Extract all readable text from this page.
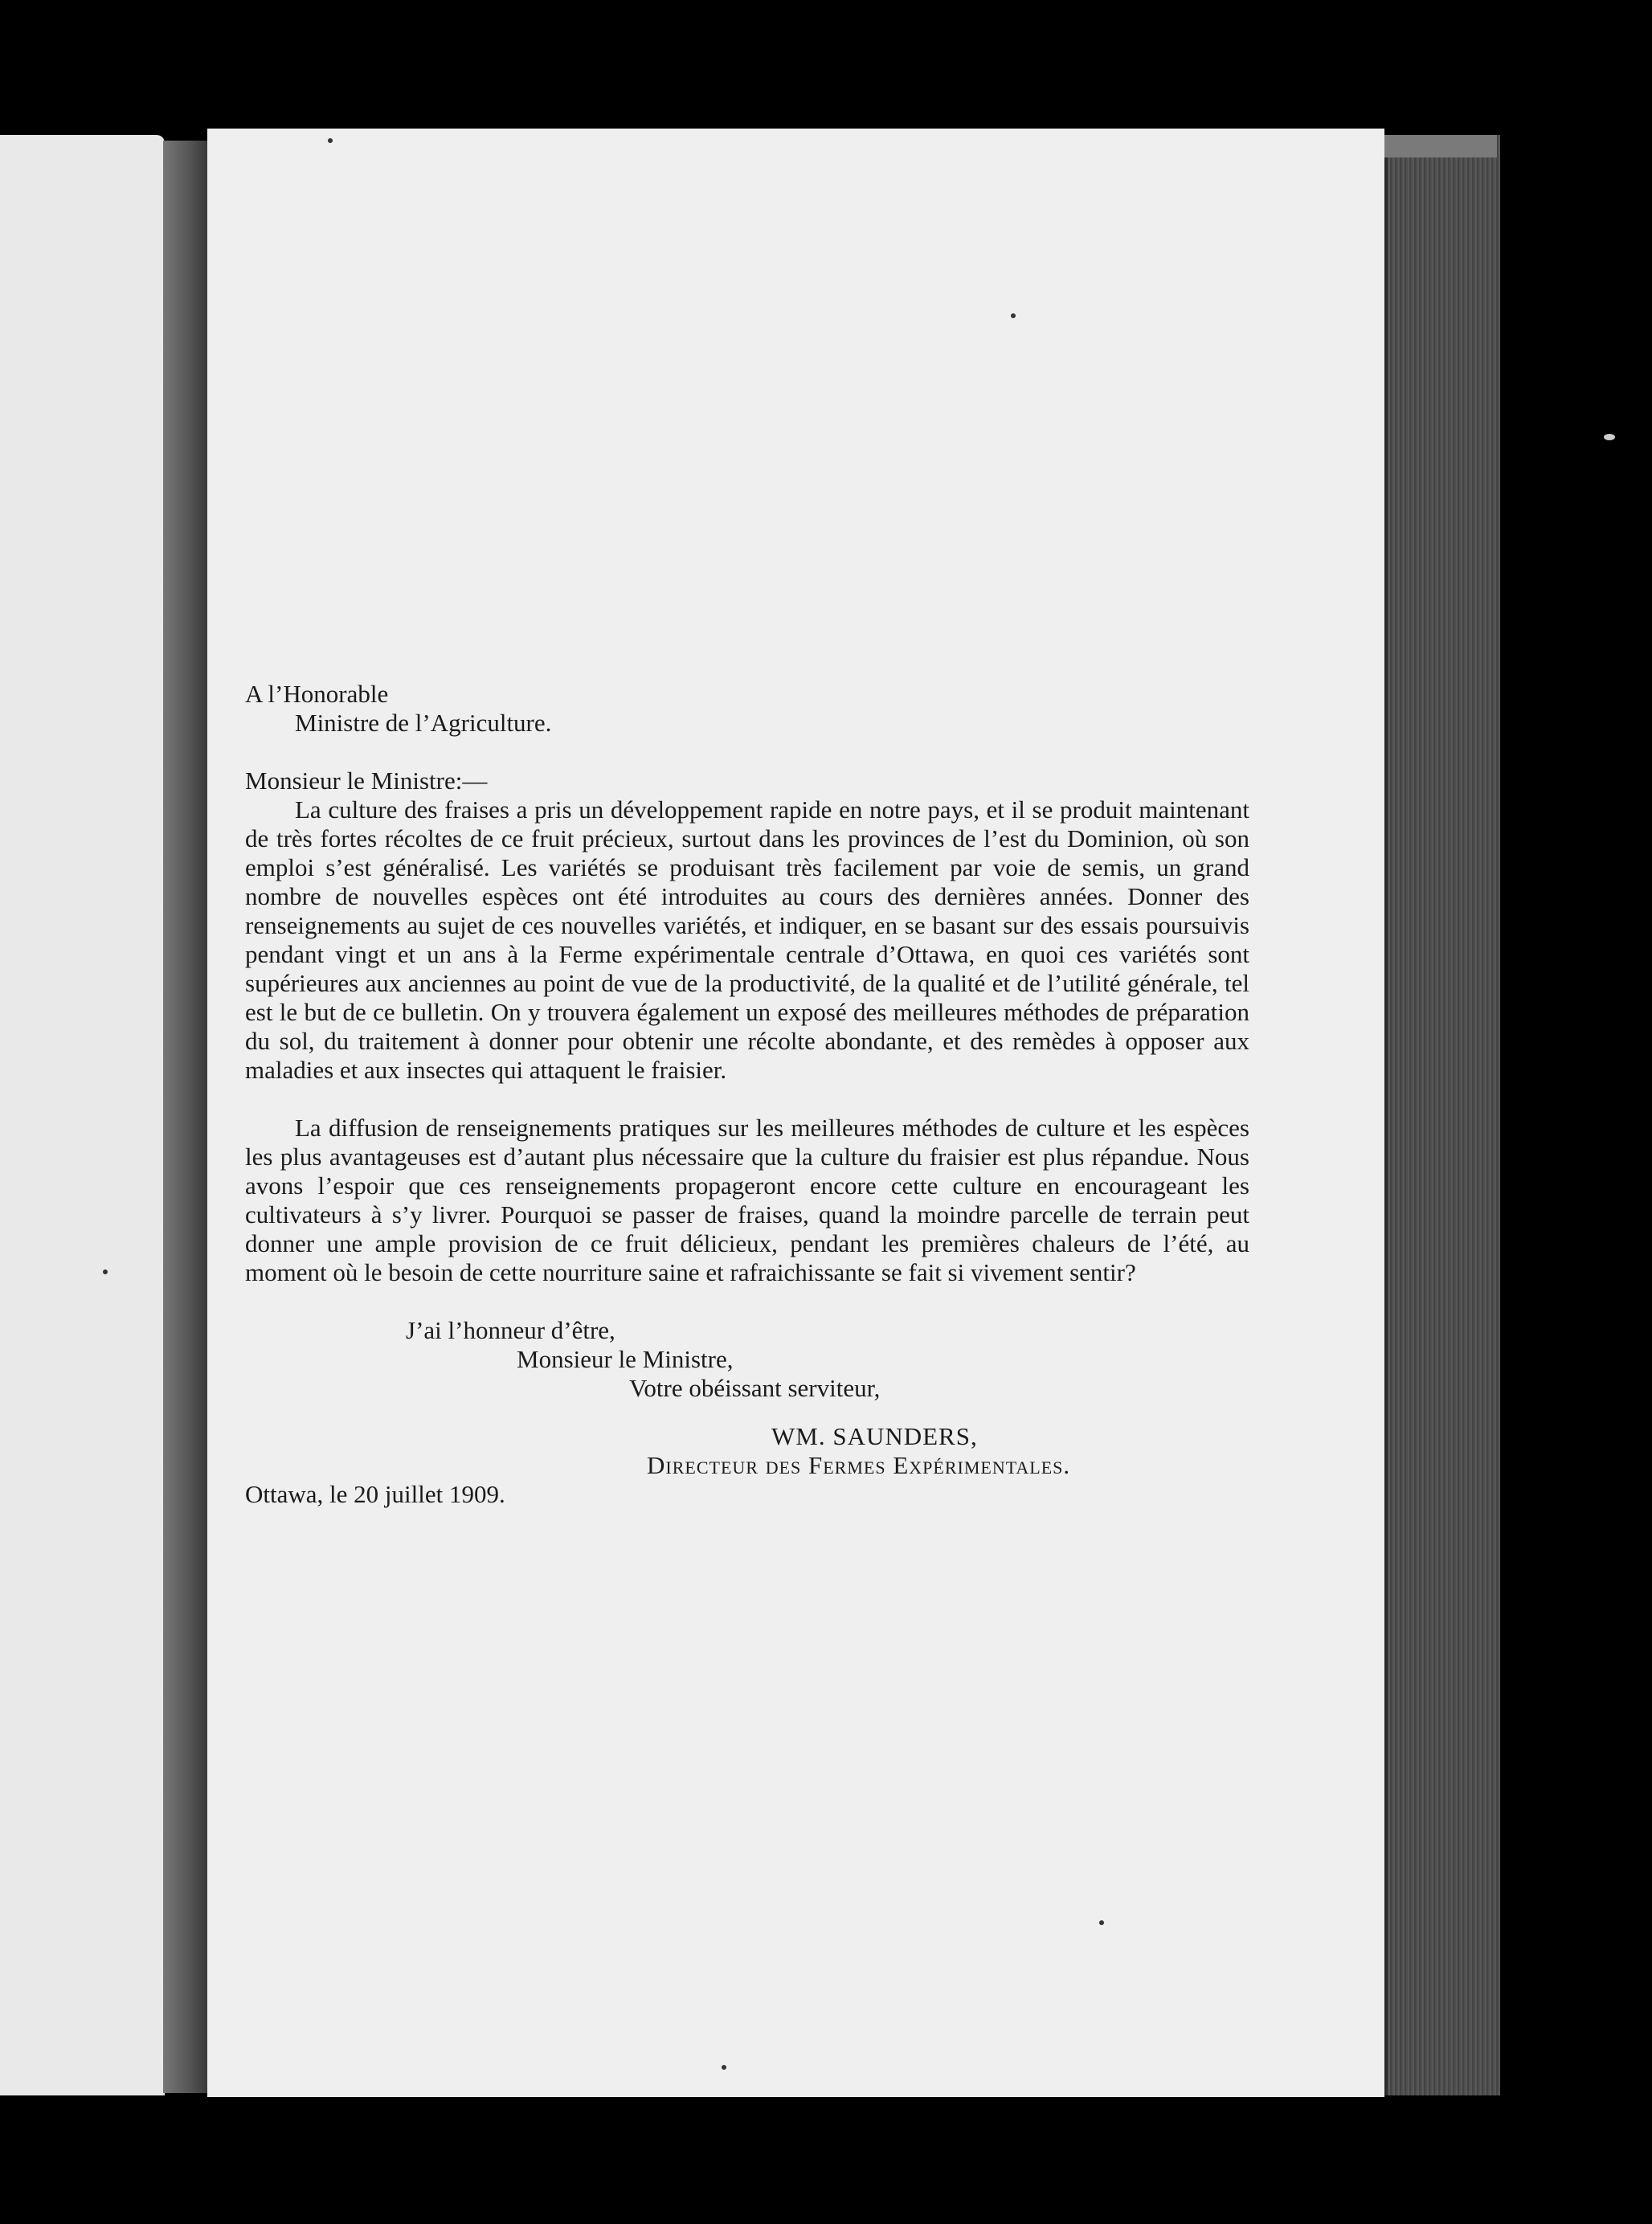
A l’Honorable

Ministre de l’Agriculture.

Monsieur le Ministre:—

La culture des fraises a pris un développement rapide en notre pays, et il se produit maintenant de très fortes récoltes de ce fruit précieux, surtout dans les provinces de l’est du Dominion, où son emploi s’est généralisé. Les variétés se produisant très facilement par voie de semis, un grand nombre de nouvelles espèces ont été introduites au cours des dernières années. Donner des renseignements au sujet de ces nouvelles variétés, et indiquer, en se basant sur des essais poursuivis pendant vingt et un ans à la Ferme expérimentale centrale d’Ottawa, en quoi ces variétés sont supérieures aux anciennes au point de vue de la productivité, de la qualité et de l’utilité générale, tel est le but de ce bulletin. On y trouvera également un exposé des meilleures méthodes de préparation du sol, du traitement à donner pour obtenir une récolte abondante, et des remèdes à opposer aux maladies et aux insectes qui attaquent le fraisier.

La diffusion de renseignements pratiques sur les meilleures méthodes de culture et les espèces les plus avantageuses est d’autant plus nécessaire que la culture du fraisier est plus répandue. Nous avons l’espoir que ces renseignements propageront encore cette culture en encourageant les cultivateurs à s’y livrer. Pourquoi se passer de fraises, quand la moindre parcelle de terrain peut donner une ample provision de ce fruit délicieux, pendant les premières chaleurs de l’été, au moment où le besoin de cette nourriture saine et rafraichissante se fait si vivement sentir?

J’ai l’honneur d’être,
Monsieur le Ministre,
Votre obéissant serviteur,
WM. SAUNDERS,
Directeur des Fermes Expérimentales.
Ottawa, le 20 juillet 1909.
